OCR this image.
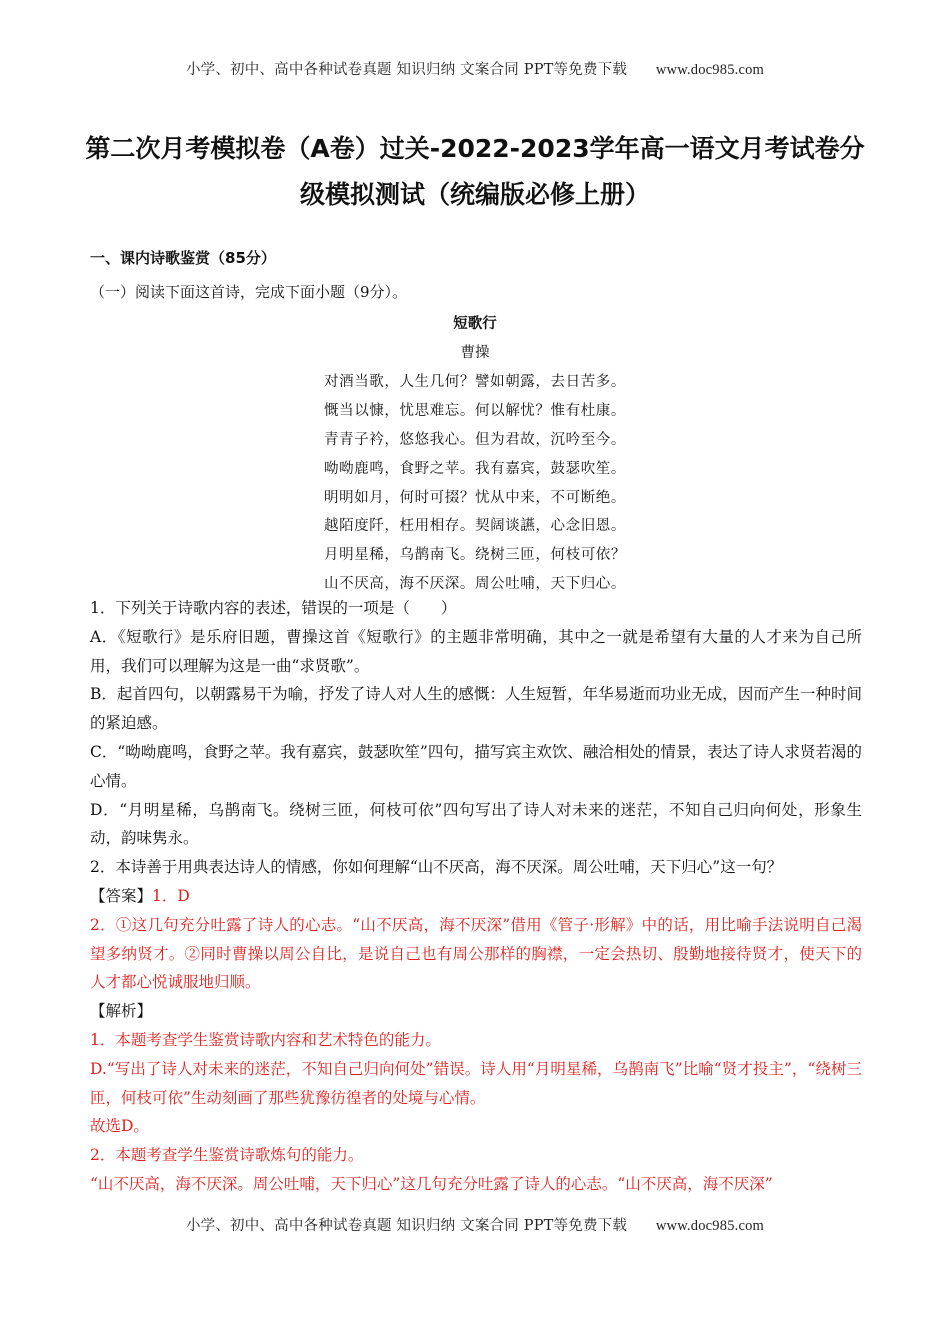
小学、初中、高中各种试卷真题 知识归纳 文案合同 PPT等免费下载 www.doc985.com
第二次月考模拟卷（A卷）过关-2022-2023学年高一语文月考试卷分
级模拟测试（统编版必修上册）
一、课内诗歌鉴赏（85分）
（一）阅读下面这首诗，完成下面小题（9分）。
短歌行
曹操
对酒当歌，人生几何？譬如朝露，去日苦多。
慨当以慷，忧思难忘。何以解忧？惟有杜康。
青青子衿，悠悠我心。但为君故，沉吟至今。
呦呦鹿鸣，食野之苹。我有嘉宾，鼓瑟吹笙。
明明如月，何时可掇？忧从中来，不可断绝。
越陌度阡，枉用相存。契阔谈讌，心念旧恩。
月明星稀，乌鹊南飞。绕树三匝，何枝可依？
山不厌高，海不厌深。周公吐哺，天下归心。

1．下列关于诗歌内容的表述，错误的一项是（　　）

A．《短歌行》是乐府旧题，曹操这首《短歌行》的主题非常明确，其中之一就是希望有大量的人才来为自己所用，我们可以理解为这是一曲“求贤歌”。

B．起首四句，以朝露易干为喻，抒发了诗人对人生的感慨：人生短暂，年华易逝而功业无成，因而产生一种时间的紧迫感。

C．“呦呦鹿鸣，食野之苹。我有嘉宾，鼓瑟吹笙”四句，描写宾主欢饮、融洽相处的情景，表达了诗人求贤若渴的心情。

D．“月明星稀，乌鹊南飞。绕树三匝，何枝可依”四句写出了诗人对未来的迷茫，不知自己归向何处，形象生动，韵味隽永。

2．本诗善于用典表达诗人的情感，你如何理解“山不厌高，海不厌深。周公吐哺，天下归心”这一句？

【答案】1．D

2．①这几句充分吐露了诗人的心志。“山不厌高，海不厌深”借用《管子·形解》中的话，用比喻手法说明自己渴望多纳贤才。②同时曹操以周公自比，是说自己也有周公那样的胸襟，一定会热切、殷勤地接待贤才，使天下的人才都心悦诚服地归顺。

【解析】

1．本题考查学生鉴赏诗歌内容和艺术特色的能力。

D.“写出了诗人对未来的迷茫，不知自己归向何处”错误。诗人用“月明星稀，乌鹊南飞”比喻“贤才投主”，“绕树三匝，何枝可依”生动刻画了那些犹豫彷徨者的处境与心情。

故选D。

2．本题考查学生鉴赏诗歌炼句的能力。

“山不厌高，海不厌深。周公吐哺，天下归心”这几句充分吐露了诗人的心志。“山不厌高，海不厌深”

小学、初中、高中各种试卷真题 知识归纳 文案合同 PPT等免费下载 www.doc985.com
